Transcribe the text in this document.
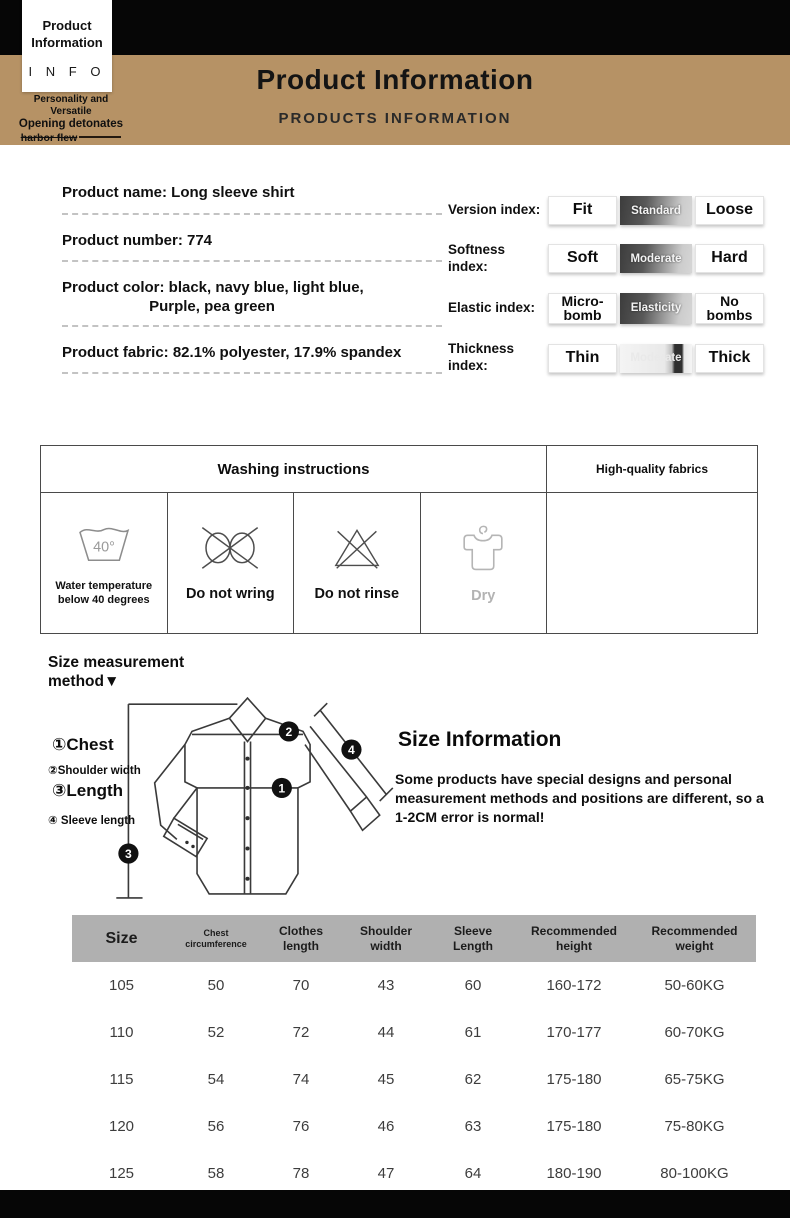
Product Information
PRODUCTS INFORMATION
Product Information
I N F O
Personality and Versatile
Opening detonates
harbor flew
Product name: Long sleeve shirt
Product number: 774
Product color: black, navy blue, light blue,
Purple, pea green
Product fabric: 82.1% polyester, 17.9% spandex
Version index:	Fit	Standard	Loose
Softness index:	Soft	Moderate	Hard
Elastic index:	Micro-bomb	Elasticity	No bombs
Thickness index:	Thin	Moderate	Thick
Washing instructions				High-quality fabrics

40°
Water temperature below 40 degrees	Do not wring	Do not rinse	Dry	

Size measurement method▼
1
2
3
4
①Chest
②Shoulder width
③Length
④ Sleeve length
Size Information
Some products have special designs and personal measurement methods and positions are different, so a 1-2CM error is normal!
Size	Chest circumference	Clothes length	Shoulder width	Sleeve Length	Recommended height	Recommended weight
105	50	70	43	60	160-172	50-60KG
110	52	72	44	61	170-177	60-70KG
115	54	74	45	62	175-180	65-75KG
120	56	76	46	63	175-180	75-80KG
125	58	78	47	64	180-190	80-100KG
